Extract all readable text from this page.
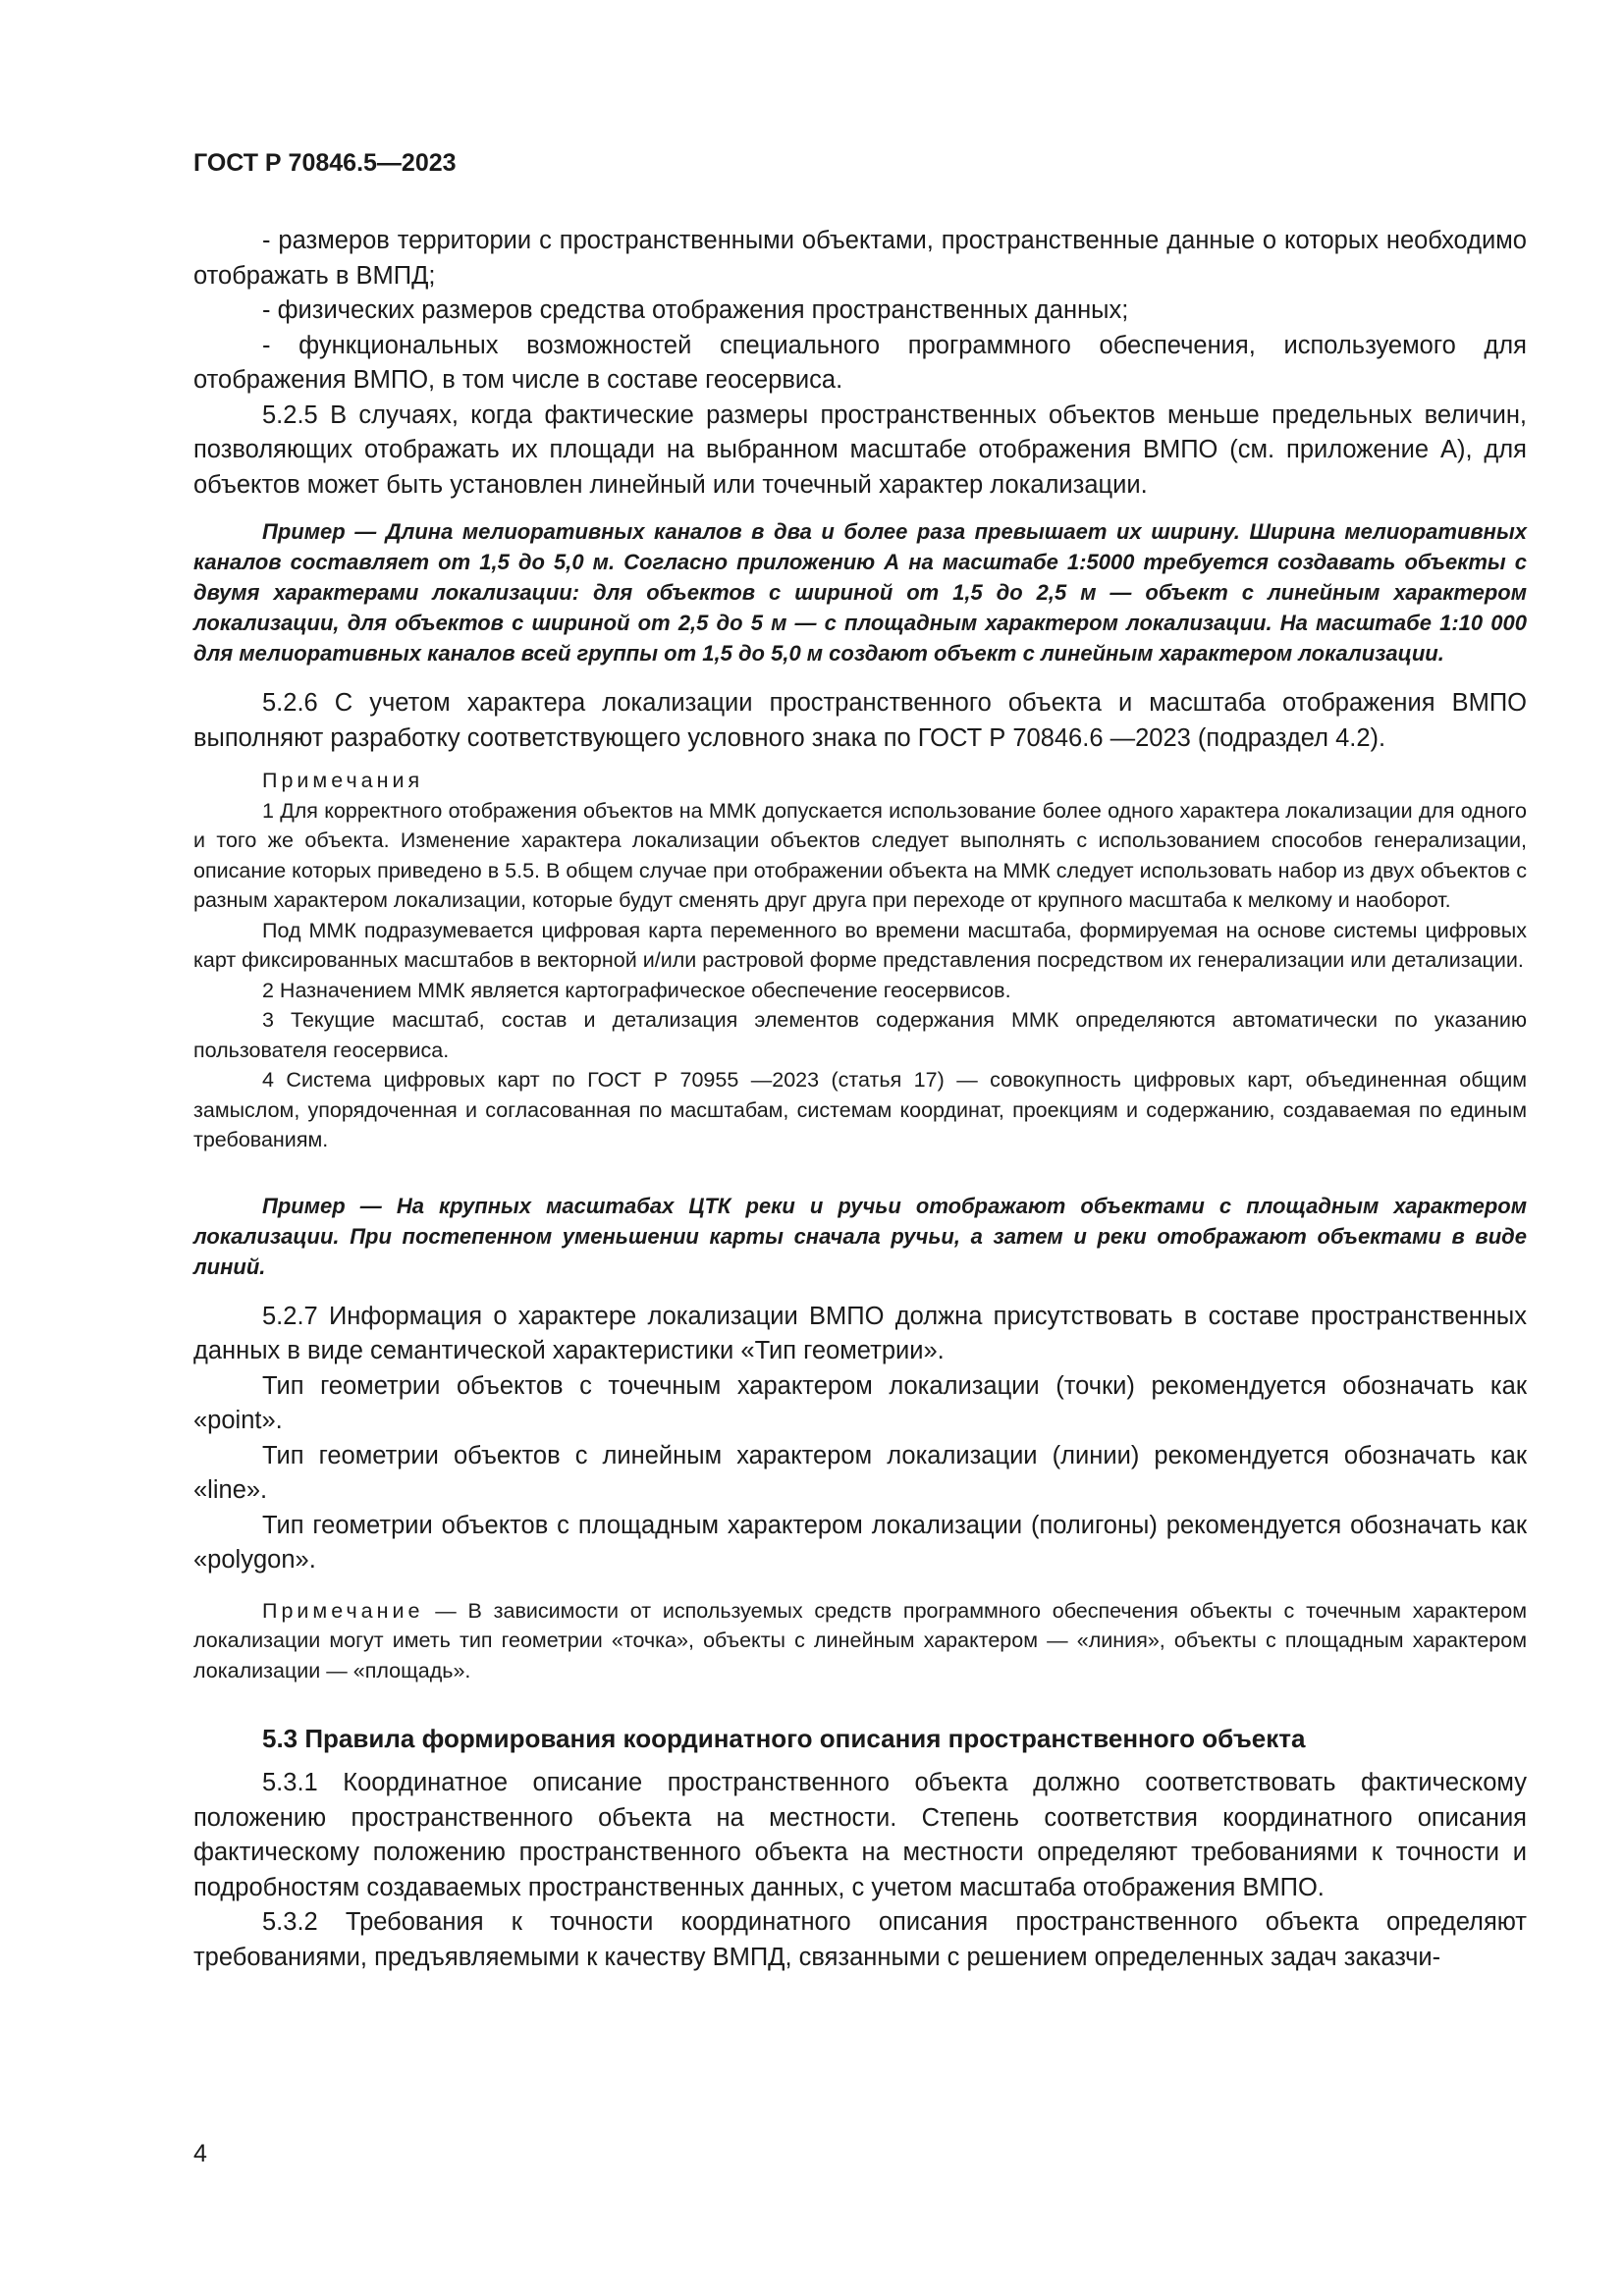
ГОСТ Р 70846.5—2023

- размеров территории с пространственными объектами, пространственные данные о которых необходимо отображать в ВМПД;

- физических размеров средства отображения пространственных данных;

- функциональных возможностей специального программного обеспечения, используемого для отображения ВМПО, в том числе в составе геосервиса.

5.2.5 В случаях, когда фактические размеры пространственных объектов меньше предельных величин, позволяющих отображать их площади на выбранном масштабе отображения ВМПО (см. приложение А), для объектов может быть установлен линейный или точечный характер локализации.

Пример — Длина мелиоративных каналов в два и более раза превышает их ширину. Ширина мелиоративных каналов составляет от 1,5 до 5,0 м. Согласно приложению А на масштабе 1:5000 требуется создавать объекты с двумя характерами локализации: для объектов с шириной от 1,5 до 2,5 м — объект с линейным характером локализации, для объектов с шириной от 2,5 до 5 м — с площадным характером локализации. На масштабе 1:10 000 для мелиоративных каналов всей группы от 1,5 до 5,0 м создают объект с линейным характером локализации.

5.2.6 С учетом характера локализации пространственного объекта и масштаба отображения ВМПО выполняют разработку соответствующего условного знака по ГОСТ Р 70846.6 —2023 (подраздел 4.2).

Примечания

1 Для корректного отображения объектов на ММК допускается использование более одного характера локализации для одного и того же объекта. Изменение характера локализации объектов следует выполнять с использованием способов генерализации, описание которых приведено в 5.5. В общем случае при отображении объекта на ММК следует использовать набор из двух объектов с разным характером локализации, которые будут сменять друг друга при переходе от крупного масштаба к мелкому и наоборот.

Под ММК подразумевается цифровая карта переменного во времени масштаба, формируемая на основе системы цифровых карт фиксированных масштабов в векторной и/или растровой форме представления посредством их генерализации или детализации.

2 Назначением ММК является картографическое обеспечение геосервисов.

3 Текущие масштаб, состав и детализация элементов содержания ММК определяются автоматически по указанию пользователя геосервиса.

4 Система цифровых карт по ГОСТ Р 70955 —2023 (статья 17) — совокупность цифровых карт, объединенная общим замыслом, упорядоченная и согласованная по масштабам, системам координат, проекциям и содержанию, создаваемая по единым требованиям.

Пример — На крупных масштабах ЦТК реки и ручьи отображают объектами с площадным характером локализации. При постепенном уменьшении карты сначала ручьи, а затем и реки отображают объектами в виде линий.

5.2.7 Информация о характере локализации ВМПО должна присутствовать в составе пространственных данных в виде семантической характеристики «Тип геометрии».

Тип геометрии объектов с точечным характером локализации (точки) рекомендуется обозначать как «point».

Тип геометрии объектов с линейным характером локализации (линии) рекомендуется обозначать как «line».

Тип геометрии объектов с площадным характером локализации (полигоны) рекомендуется обозначать как «polygon».

Примечание — В зависимости от используемых средств программного обеспечения объекты с точечным характером локализации могут иметь тип геометрии «точка», объекты с линейным характером — «линия», объекты с площадным характером локализации — «площадь».

5.3 Правила формирования координатного описания пространственного объекта

5.3.1 Координатное описание пространственного объекта должно соответствовать фактическому положению пространственного объекта на местности. Степень соответствия координатного описания фактическому положению пространственного объекта на местности определяют требованиями к точности и подробностям создаваемых пространственных данных, с учетом масштаба отображения ВМПО.

5.3.2 Требования к точности координатного описания пространственного объекта определяют требованиями, предъявляемыми к качеству ВМПД, связанными с решением определенных задач заказчи-

4
